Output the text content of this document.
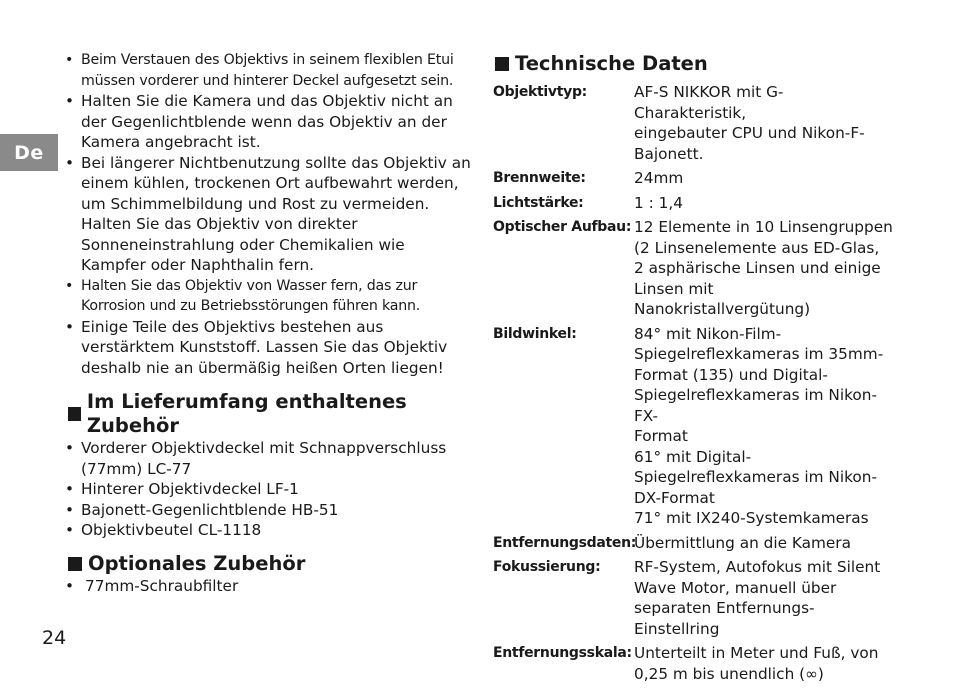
De
• Beim Verstauen des Objektivs in seinem flexiblen Etui müssen vorderer und hinterer Deckel aufgesetzt sein.
• Halten Sie die Kamera und das Objektiv nicht an der Gegenlichtblende wenn das Objektiv an der Kamera angebracht ist.
• Bei längerer Nichtbenutzung sollte das Objektiv an einem kühlen, trockenen Ort aufbewahrt werden, um Schimmelbildung und Rost zu vermeiden. Halten Sie das Objektiv von direkter Sonneneinstrahlung oder Chemikalien wie Kampfer oder Naphthalin fern.
• Halten Sie das Objektiv von Wasser fern, das zur Korrosion und zu Betriebsstörungen führen kann.
• Einige Teile des Objektivs bestehen aus verstärktem Kunststoff. Lassen Sie das Objektiv deshalb nie an übermäßig heißen Orten liegen!
Im Lieferumfang enthaltenes Zubehör
• Vorderer Objektivdeckel mit Schnappverschluss (77mm) LC-77
• Hinterer Objektivdeckel LF-1
• Bajonett-Gegenlichtblende HB-51
• Objektivbeutel CL-1118
Optionales Zubehör
• 77mm-Schraubfilter
Technische Daten
Objektivtyp:	AF-S NIKKOR mit G-Charakteristik,
eingebauter CPU und Nikon-F-
Bajonett.
Brennweite:	24mm
Lichtstärke:	1 : 1,4
Optischer Aufbau: 12 Elemente in 10 Linsengruppen
(2 Linsenelemente aus ED-Glas,
2 asphärische Linsen und einige
Linsen mit Nanokristallvergütung)
Bildwinkel:	84° mit Nikon-Film-
Spiegelreflexkameras im 35mm-
Format (135) und Digital-
Spiegelreflexkameras im Nikon-FX-
Format
61° mit Digital-
Spiegelreflexkameras im Nikon-
DX-Format
71° mit IX240-Systemkameras
Entfernungsdaten:
Übermittlung an die Kamera
Fokussierung:	RF-System, Autofokus mit Silent
Wave Motor, manuell über
separaten Entfernungs-Einstellring
Entfernungsskala: Unterteilt in Meter und Fuß, von
0,25 m bis unendlich (∞)
24
